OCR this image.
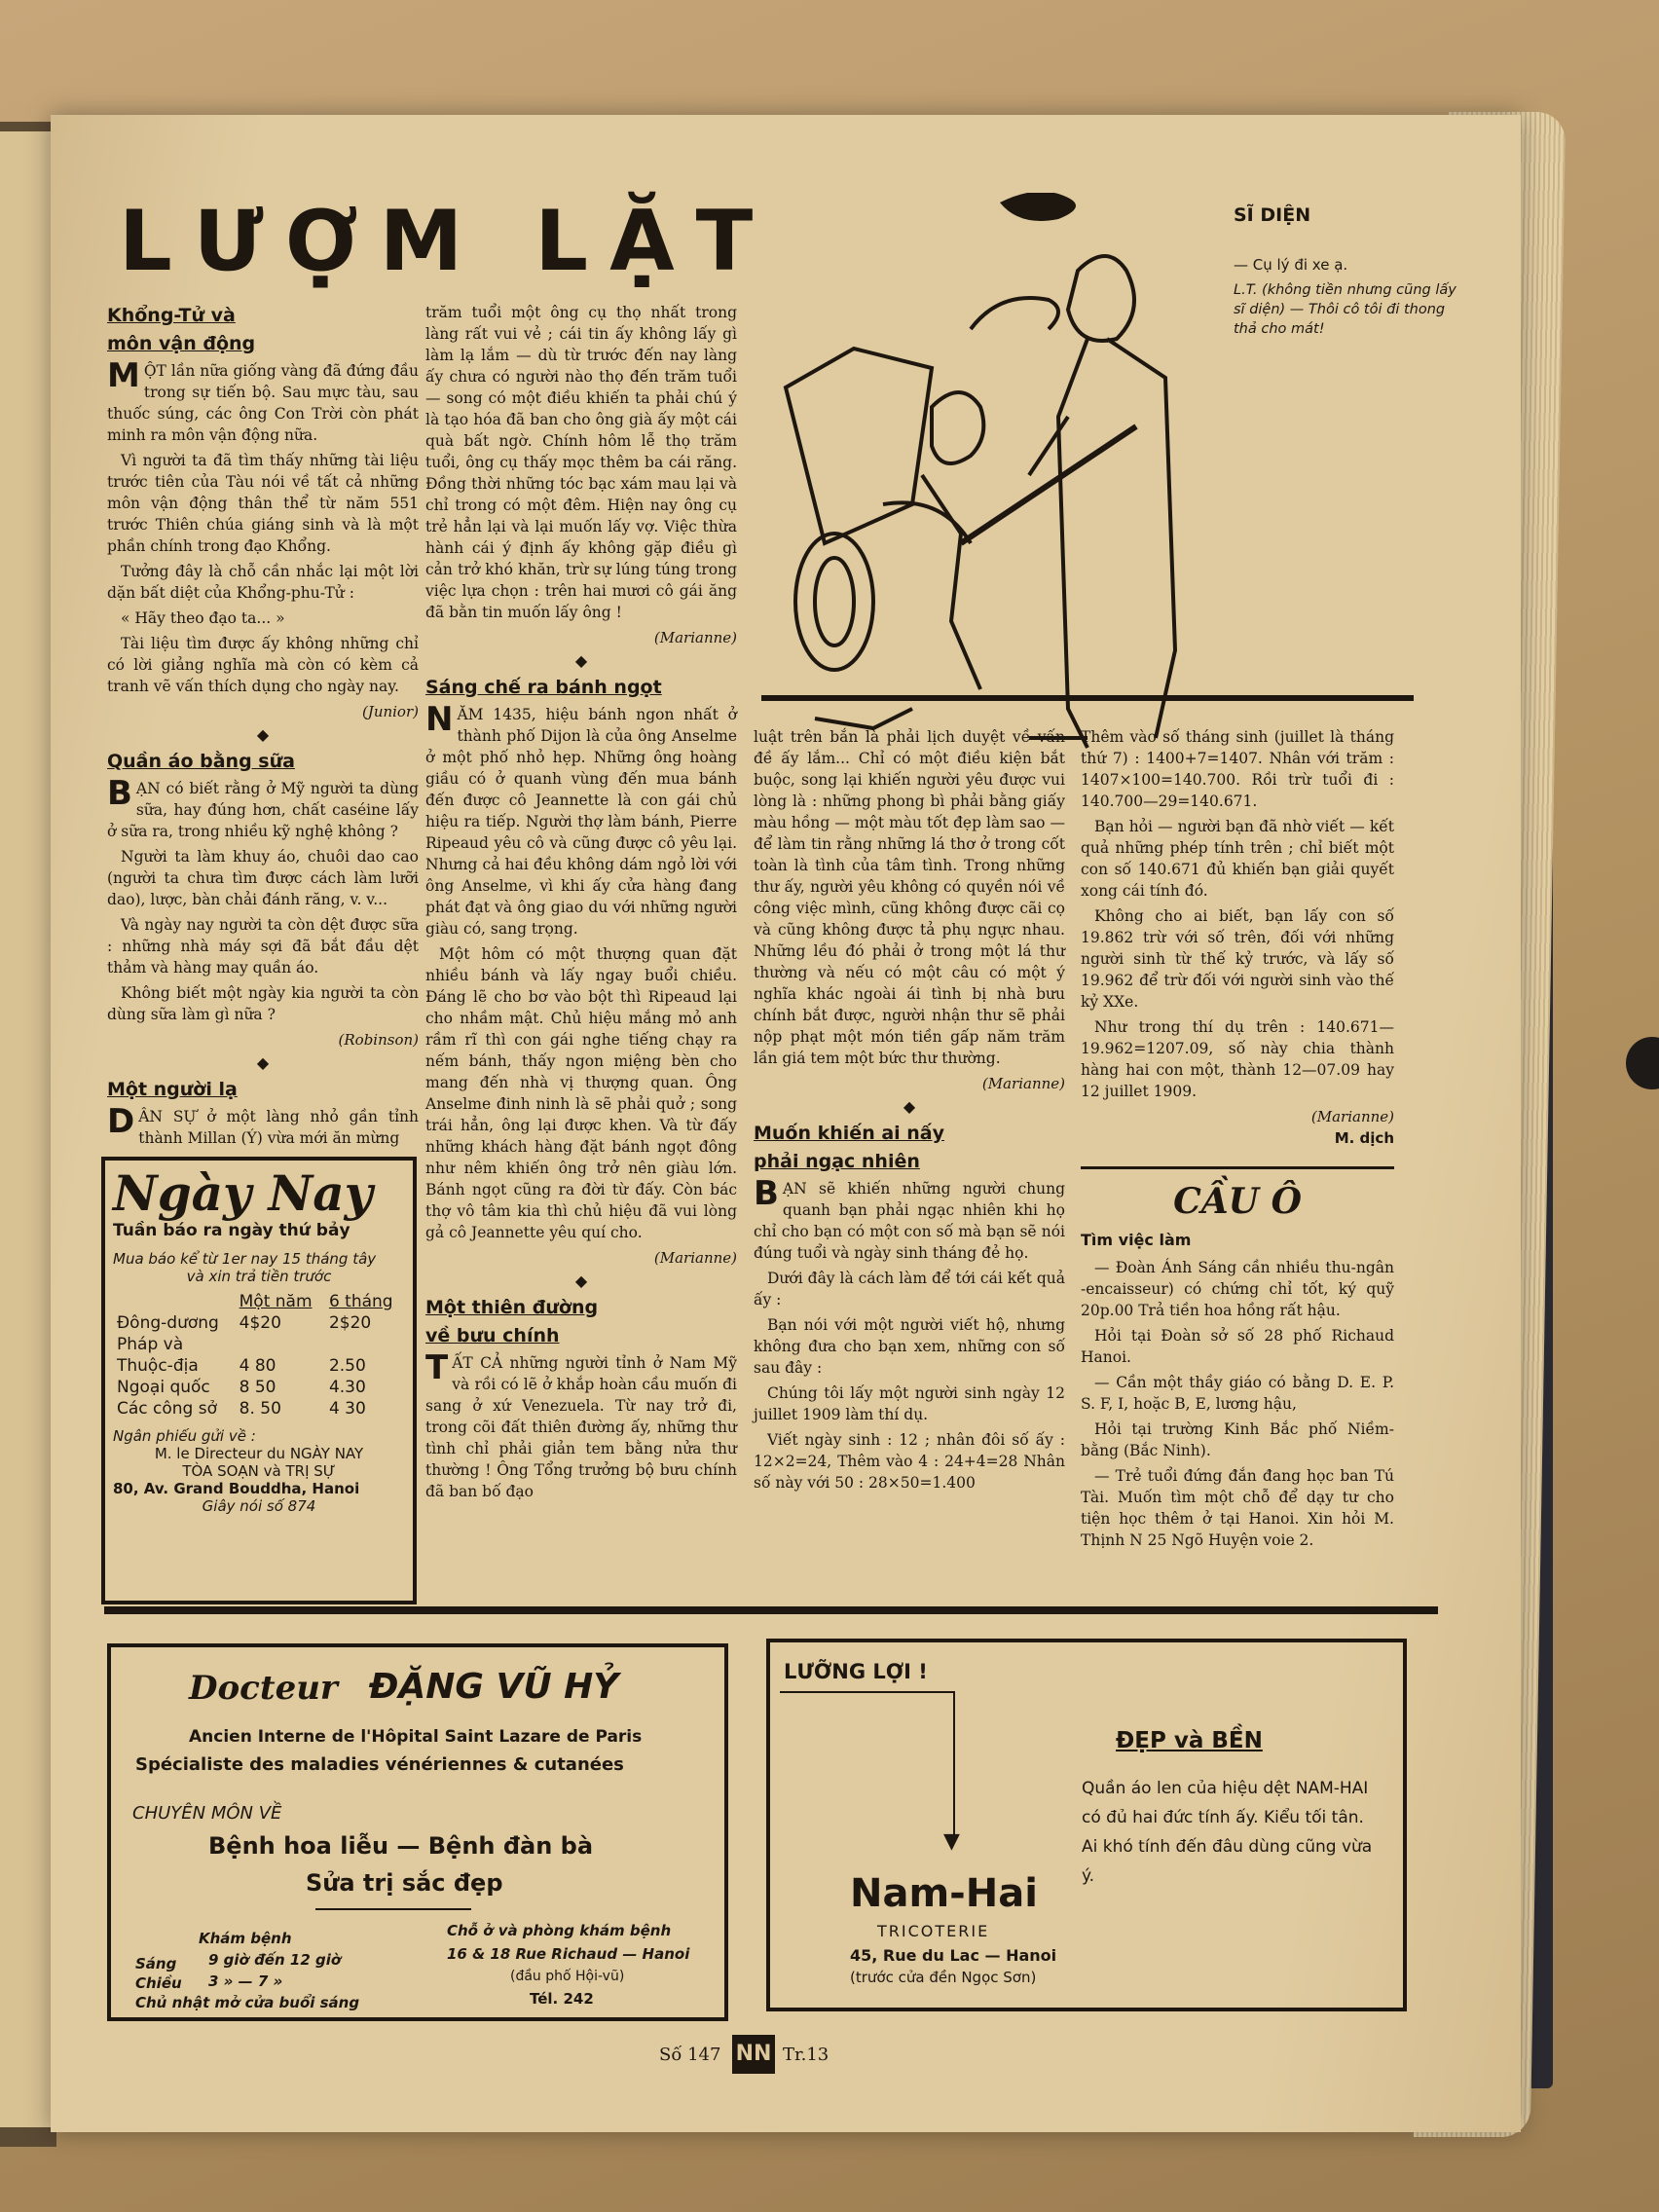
LƯỢM LẶT	SĨ DIỆN
— Cụ lý đi xe ạ.
L.T. (không tiền nhưng cũng lấy sĩ diện) — Thôi cô tôi đi thong thả cho mát!
Khổng-Tử và
môn vận động

MỘT lần nữa giống vàng đã đứng đầu trong sự tiến bộ. Sau mực tàu, sau thuốc súng, các ông Con Trời còn phát minh ra môn vận động nữa.

Vì người ta đã tìm thấy những tài liệu trước tiên của Tàu nói về tất cả những môn vận động thân thể từ năm 551 trước Thiên chúa giáng sinh và là một phần chính trong đạo Khổng.

Tưởng đây là chỗ cần nhắc lại một lời dặn bất diệt của Khổng-phu-Tử :

« Hãy theo đạo ta... »

Tài liệu tìm được ấy không những chỉ có lời giảng nghĩa mà còn có kèm cả tranh vẽ vấn thích dụng cho ngày nay.

(Junior)
◆
Quần áo bằng sữa

BẠN có biết rằng ở Mỹ người ta dùng sữa, hay đúng hơn, chất caséine lấy ở sữa ra, trong nhiều kỹ nghệ không ?

Người ta làm khuy áo, chuôi dao cao (người ta chưa tìm được cách làm lưỡi dao), lược, bàn chải đánh răng, v. v...

Và ngày nay người ta còn dệt được sữa : những nhà máy sợi đã bắt đầu dệt thảm và hàng may quần áo.

Không biết một ngày kia người ta còn dùng sữa làm gì nữa ?

(Robinson)
◆
Một người lạ

DÂN SỰ ở một làng nhỏ gần tỉnh thành Millan (Ý) vừa mới ăn mừng

Ngày Nay
Tuần báo ra ngày thứ bảy
Mua báo kể từ 1er nay 15 tháng tây
và xin trả tiền trước
	Một năm	6 tháng
Đông-dương	4$20	2$20
Pháp và		
Thuộc-địa	4 80	2.50
Ngoại quốc	8 50	4.30
Các công sở	8. 50	4 30
Ngân phiếu gửi về :
M. le Directeur du NGÀY NAY
TÒA SOẠN và TRỊ SỰ
80, Av. Grand Bouddha, Hanoi
Giây nói số 874

trăm tuổi một ông cụ thọ nhất trong làng rất vui vẻ ; cái tin ấy không lấy gì làm lạ lắm — dù từ trước đến nay làng ấy chưa có người nào thọ đến trăm tuổi — song có một điều khiến ta phải chú ý là tạo hóa đã ban cho ông già ấy một cái quà bất ngờ. Chính hôm lễ thọ trăm tuổi, ông cụ thấy mọc thêm ba cái răng. Đồng thời những tóc bạc xám mau lại và chỉ trong có một đêm. Hiện nay ông cụ trẻ hẳn lại và lại muốn lấy vợ. Việc thừa hành cái ý định ấy không gặp điều gì cản trở khó khăn, trừ sự lúng túng trong việc lựa chọn : trên hai mươi cô gái ăng đã bằn tin muốn lấy ông !

(Marianne)
◆
Sáng chế ra bánh ngọt

NĂM 1435, hiệu bánh ngon nhất ở thành phố Dijon là của ông Anselme ở một phố nhỏ hẹp. Những ông hoàng giầu có ở quanh vùng đến mua bánh đến được cô Jeannette là con gái chủ hiệu ra tiếp. Người thợ làm bánh, Pierre Ripeaud yêu cô và cũng được cô yêu lại. Nhưng cả hai đều không dám ngỏ lời với ông Anselme, vì khi ấy cửa hàng đang phát đạt và ông giao du với những người giàu có, sang trọng.

Một hôm có một thượng quan đặt nhiều bánh và lấy ngay buổi chiều. Đáng lẽ cho bơ vào bột thì Ripeaud lại cho nhầm mật. Chủ hiệu mắng mỏ anh rầm rĩ thì con gái nghe tiếng chạy ra nếm bánh, thấy ngon miệng bèn cho mang đến nhà vị thượng quan. Ông Anselme đinh ninh là sẽ phải quở ; song trái hẳn, ông lại được khen. Và từ đấy những khách hàng đặt bánh ngọt đông như nêm khiến ông trở nên giàu lớn. Bánh ngọt cũng ra đời từ đấy. Còn bác thợ vô tâm kia thì chủ hiệu đã vui lòng gả cô Jeannette yêu quí cho.

(Marianne)
◆
Một thiên đường
về bưu chính

TẤT CẢ những người tỉnh ở Nam Mỹ và rồi có lẽ ở khắp hoàn cầu muốn đi sang ở xứ Venezuela. Từ nay trở đi, trong cõi đất thiên đường ấy, những thư tình chỉ phải giản tem bằng nửa thư thường ! Ông Tổng trưởng bộ bưu chính đã ban bố đạo

luật trên bắn là phải lịch duyệt về vấn đề ấy lắm... Chỉ có một điều kiện bắt buộc, song lại khiến người yêu được vui lòng là : những phong bì phải bằng giấy màu hồng — một màu tốt đẹp làm sao — để làm tin rằng những lá thơ ở trong cốt toàn là tình của tâm tình. Trong những thư ấy, người yêu không có quyền nói về công việc mình, cũng không được cãi cọ và cũng không được tả phụ ngực nhau. Những lều đó phải ở trong một lá thư thường và nếu có một câu có một ý nghĩa khác ngoài ái tình bị nhà bưu chính bắt được, người nhận thư sẽ phải nộp phạt một món tiền gấp năm trăm lần giá tem một bức thư thường.

(Marianne)
◆
Muốn khiến ai nấy
phải ngạc nhiên

BẠN sẽ khiến những người chung quanh bạn phải ngạc nhiên khi họ chỉ cho bạn có một con số mà bạn sẽ nói đúng tuổi và ngày sinh tháng đẻ họ.

Dưới đây là cách làm để tới cái kết quả ấy :

Bạn nói với một người viết hộ, nhưng không đưa cho bạn xem, những con số sau đây :

Chúng tôi lấy một người sinh ngày 12 juillet 1909 làm thí dụ.

Viết ngày sinh : 12 ; nhân đôi số ấy : 12×2=24, Thêm vào 4 : 24+4=28 Nhân số này với 50 : 28×50=1.400

Thêm vào số tháng sinh (juillet là tháng thứ 7) : 1400+7=1407. Nhân với trăm : 1407×100=140.700. Rồi trừ tuổi đi : 140.700—29=140.671.

Bạn hỏi — người bạn đã nhờ viết — kết quả những phép tính trên ; chỉ biết một con số 140.671 đủ khiến bạn giải quyết xong cái tính đó.

Không cho ai biết, bạn lấy con số 19.862 trừ với số trên, đối với những người sinh từ thế kỷ trước, và lấy số 19.962 để trừ đối với người sinh vào thế kỷ XXe.

Như trong thí dụ trên : 140.671—19.962=1207.09, số này chia thành hàng hai con một, thành 12—07.09 hay 12 juillet 1909.

(Marianne)
M. dịch
CẦU Ô
Tìm việc làm

— Đoàn Ánh Sáng cần nhiều thu-ngân -encaisseur) có chứng chỉ tốt, ký quỹ 20p.00 Trả tiền hoa hồng rất hậu.

Hỏi tại Đoàn sở số 28 phố Richaud Hanoi.

— Cần một thầy giáo có bằng D. E. P. S. F, I, hoặc B, E, lương hậu,

Hỏi tại trường Kinh Bắc phố Niềm-bằng (Bắc Ninh).

— Trẻ tuổi đứng đắn đang học ban Tú Tài. Muốn tìm một chỗ để dạy tư cho tiện học thêm ở tại Hanoi. Xin hỏi M. Thịnh N 25 Ngõ Huyện voie 2.

Docteur ĐẶNG VŨ HỶ
Ancien Interne de l'Hôpital Saint Lazare de Paris
Spécialiste des maladies vénériennes & cutanées
CHUYÊN MÔN VỀ
Bệnh hoa liễu — Bệnh đàn bà
Sửa trị sắc đẹp
Khám bệnh
Sáng 9 giờ đến 12 giờ
Chiều 3 » — 7 »
Chủ nhật mở cửa buổi sáng
Chỗ ở và phòng khám bệnh
16 & 18 Rue Richaud — Hanoi
(đầu phố Hội-vũ)
Tél. 242
LƯỠNG LỢI !
▼
ĐẸP và BỀN
Quần áo len của hiệu dệt NAM-HAI có đủ hai đức tính ấy. Kiểu tối tân. Ai khó tính đến đâu dùng cũng vừa ý.
Nam-Hai
TRICOTERIE
45, Rue du Lac — Hanoi
(trước cửa đền Ngọc Sơn)
Số 147 NN Tr.13
